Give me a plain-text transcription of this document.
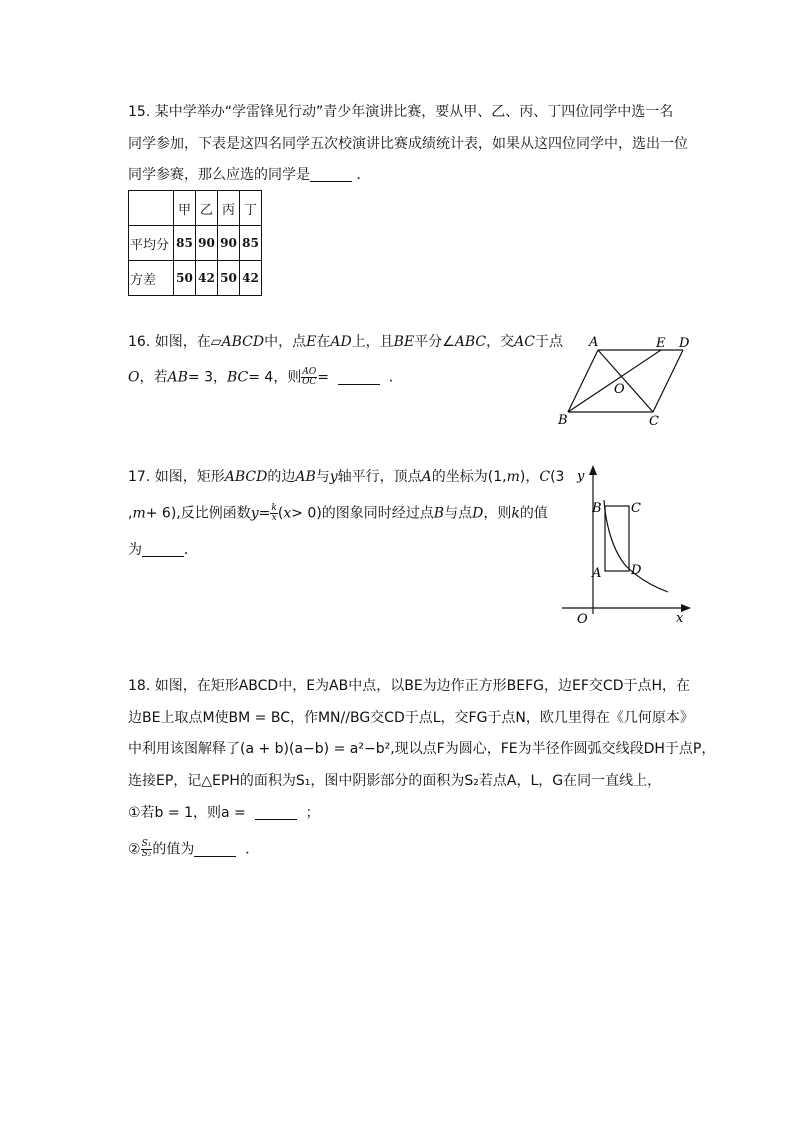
15. 某中学举办“学雷锋见行动”青少年演讲比赛，要从甲、乙、丙、丁四位同学中选一名
同学参加，下表是这四名同学五次校演讲比赛成绩统计表，如果从这四位同学中，选出一位
同学参赛，那么应选的同学是	．
	甲	乙	丙	丁
平均分	85	90	90	85
方差	50	42	50	42
16. 如图，在▱ABCD中，点E在AD上，且BE平分∠ABC，交AC于点
O，若AB= 3，BC= 4，则 $\frac{AO}{OC}$ =	．
A	E D
O
B	C
17. 如图，矩形ABCD的边AB与y轴平行，顶点A的坐标为(1,m)，C(3
,m+ 6),反比例函数$y= \frac{k}{x} (x> 0)$的图象同时经过点B与点D，则k的值
为	．
y
x
O
A
B C
D
18. 如图，在矩形ABCD中，E为AB中点，以BE为边作正方形BEFG，边EF交CD于点H，在
边BE上取点M使BM = BC，作MN//BG交CD于点L，交FG于点N，欧几里得在《几何原本》
中利用该图解释了(a + b)(a−b) = a²−b²,现以点F为圆心，FE为半径作圆弧交线段DH于点P，
连接EP，记△EPH的面积为S₁，图中阴影部分的面积为S₂若点A，L，G在同一直线上，
①若b = 1，则a =	；
② $\frac{\text{S₁}}{\text{S₂}}$ 的值为	．
